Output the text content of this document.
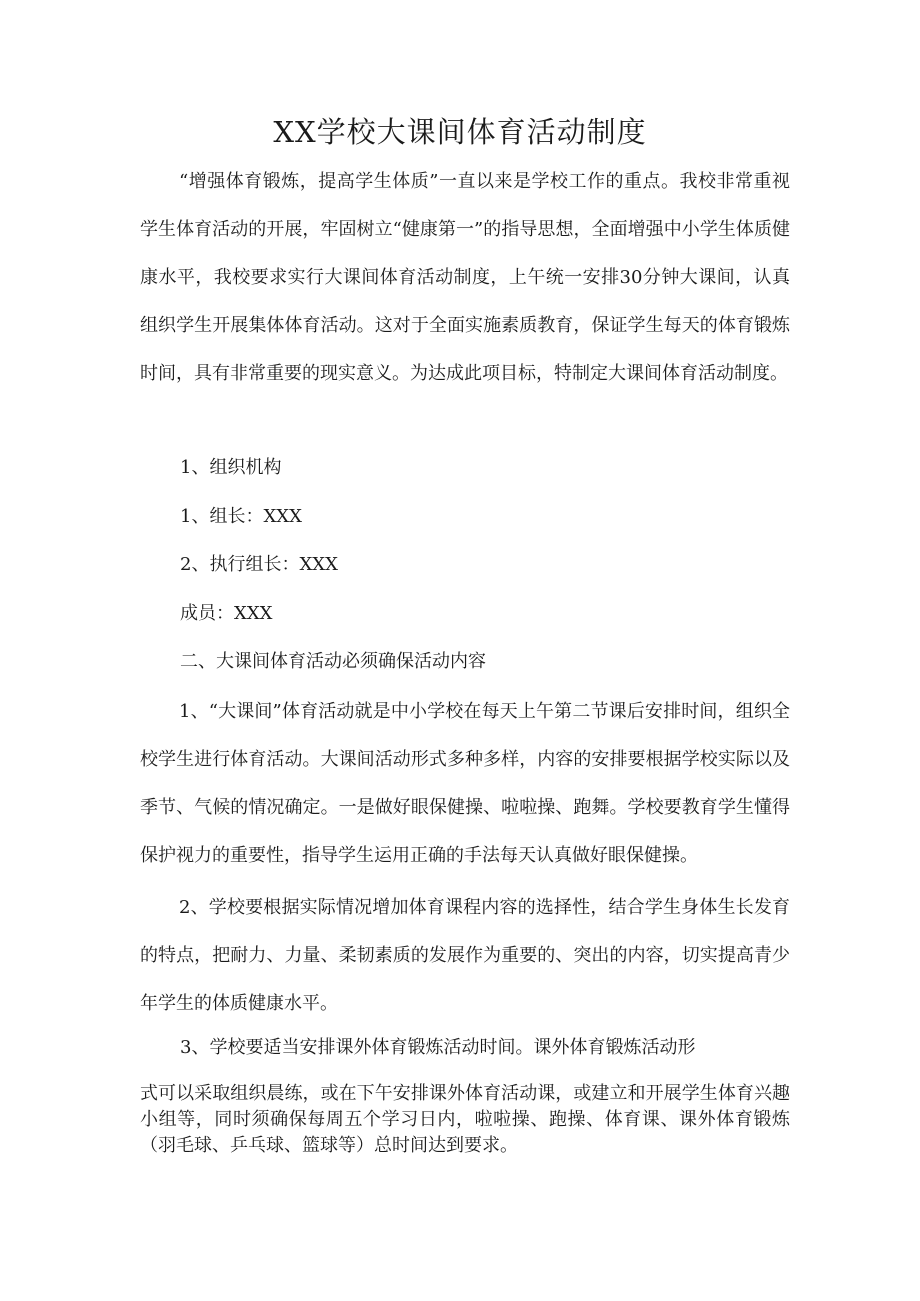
XX学校大课间体育活动制度

“增强体育锻炼，提高学生体质”一直以来是学校工作的重点。我校非常重视学生体育活动的开展，牢固树立“健康第一”的指导思想，全面增强中小学生体质健康水平，我校要求实行大课间体育活动制度，上午统一安排30分钟大课间，认真组织学生开展集体体育活动。这对于全面实施素质教育，保证学生每天的体育锻炼时间，具有非常重要的现实意义。为达成此项目标，特制定大课间体育活动制度。

1、组织机构

1、组长：XXX

2、执行组长：XXX

成员：XXX

二、大课间体育活动必须确保活动内容

1、“大课间”体育活动就是中小学校在每天上午第二节课后安排时间，组织全校学生进行体育活动。大课间活动形式多种多样，内容的安排要根据学校实际以及季节、气候的情况确定。一是做好眼保健操、啦啦操、跑舞。学校要教育学生懂得保护视力的重要性，指导学生运用正确的手法每天认真做好眼保健操。

2、学校要根据实际情况增加体育课程内容的选择性，结合学生身体生长发育的特点，把耐力、力量、柔韧素质的发展作为重要的、突出的内容，切实提高青少年学生的体质健康水平。

3、学校要适当安排课外体育锻炼活动时间。课外体育锻炼活动形

式可以采取组织晨练，或在下午安排课外体育活动课，或建立和开展学生体育兴趣小组等，同时须确保每周五个学习日内，啦啦操、跑操、体育课、课外体育锻炼（羽毛球、乒乓球、篮球等）总时间达到要求。
